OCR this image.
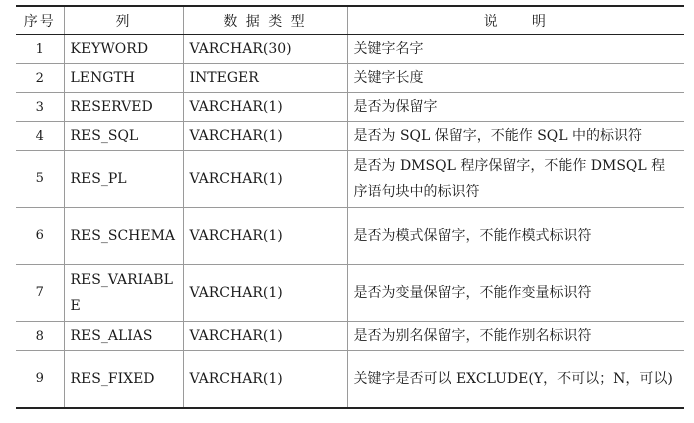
序号	列	数 据 类 型	说     明
1	KEYWORD	VARCHAR(30)	关键字名字
2	LENGTH	INTEGER	关键字长度
3	RESERVED	VARCHAR(1)	是否为保留字
4	RES_SQL	VARCHAR(1)	是否为 SQL 保留字，不能作 SQL 中的标识符
5	RES_PL	VARCHAR(1)	是否为 DMSQL 程序保留字，不能作 DMSQL 程序语句块中的标识符
6	RES_SCHEMA	VARCHAR(1)	是否为模式保留字，不能作模式标识符
7	RES_VARIABLE	VARCHAR(1)	是否为变量保留字，不能作变量标识符
8	RES_ALIAS	VARCHAR(1)	是否为别名保留字，不能作别名标识符
9	RES_FIXED	VARCHAR(1)	关键字是否可以 EXCLUDE(Y，不可以；N，可以)
